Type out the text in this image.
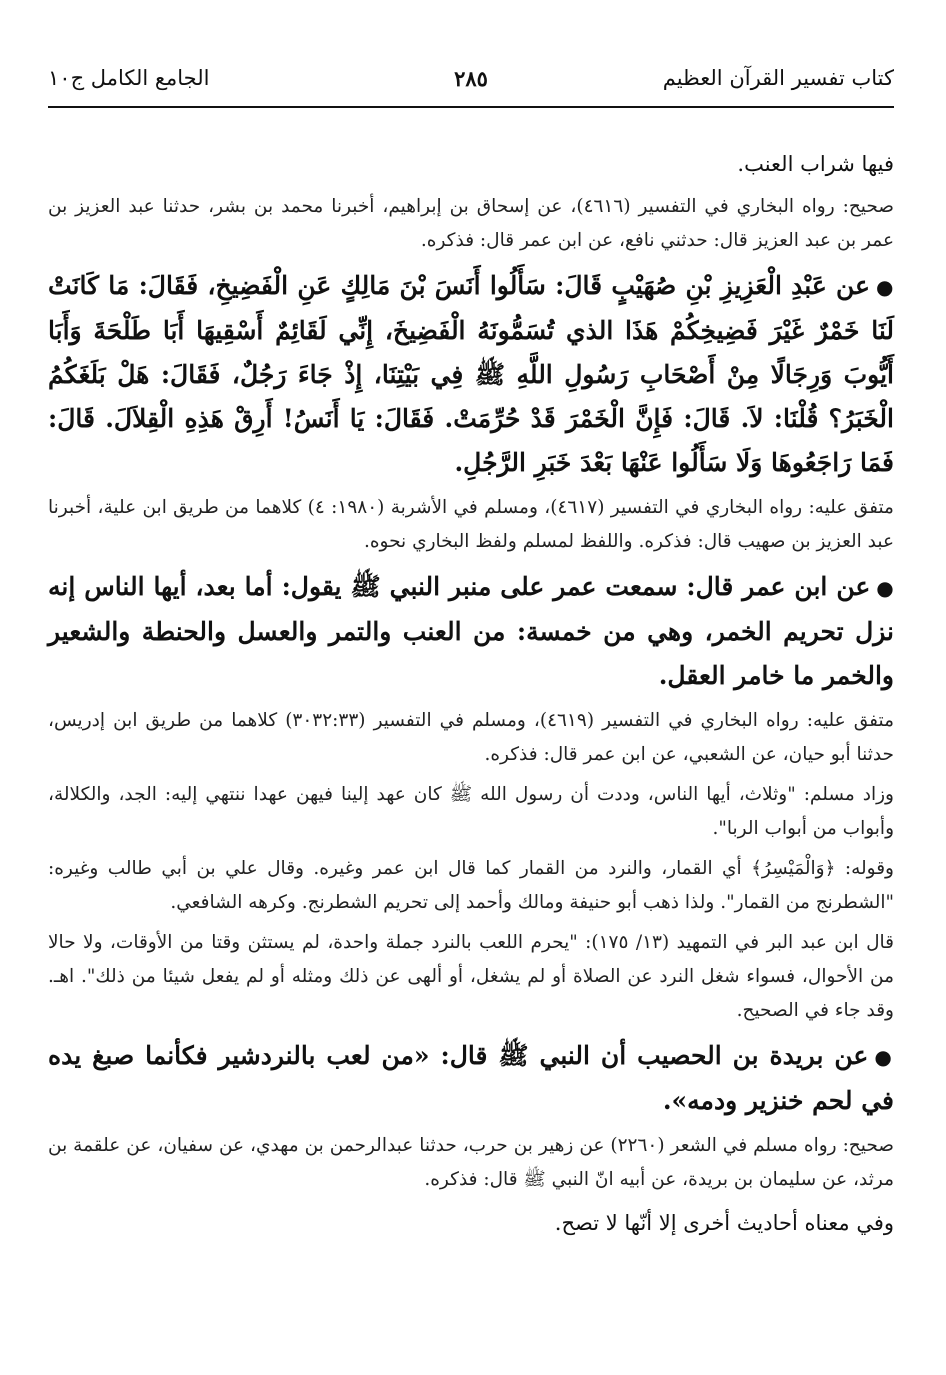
كتاب تفسير القرآن العظيم
٢٨٥
الجامع الكامل ج١٠

فيها شراب العنب.

صحيح: رواه البخاري في التفسير (٤٦١٦)، عن إسحاق بن إبراهيم، أخبرنا محمد بن بشر، حدثنا عبد العزيز بن عمر بن عبد العزيز قال: حدثني نافع، عن ابن عمر قال: فذكره.

●عن عَبْدِ الْعَزِيزِ بْنِ صُهَيْبٍ قَالَ: سَأَلُوا أَنَسَ بْنَ مَالِكٍ عَنِ الْفَضِيخِ، فَقَالَ: مَا كَانَتْ لَنَا خَمْرٌ غَيْرَ فَضِيخِكُمْ هَذَا الذي تُسَمُّونَهُ الْفَضِيخَ، إِنِّي لَقَائِمٌ أَسْقِيهَا أَبَا طَلْحَةَ وَأَبَا أَيُّوبَ وَرِجَالًا مِنْ أَصْحَابِ رَسُولِ اللَّهِ ﷺ فِي بَيْتِنَا، إِذْ جَاءَ رَجُلٌ، فَقَالَ: هَلْ بَلَغَكُمُ الْخَبَرُ؟ قُلْنَا: لاَ. قَالَ: فَإِنَّ الْخَمْرَ قَدْ حُرِّمَتْ. فَقَالَ: يَا أَنَسُ! أَرِقْ هَذِهِ الْقِلاَلَ. قَالَ: فَمَا رَاجَعُوهَا وَلَا سَأَلُوا عَنْهَا بَعْدَ خَبَرِ الرَّجُلِ.

متفق عليه: رواه البخاري في التفسير (٤٦١٧)، ومسلم في الأشربة (١٩٨٠: ٤) كلاهما من طريق ابن علية، أخبرنا عبد العزيز بن صهيب قال: فذكره. واللفظ لمسلم ولفظ البخاري نحوه.

●عن ابن عمر قال: سمعت عمر على منبر النبي ﷺ يقول: أما بعد، أيها الناس إنه نزل تحريم الخمر، وهي من خمسة: من العنب والتمر والعسل والحنطة والشعير والخمر ما خامر العقل.

متفق عليه: رواه البخاري في التفسير (٤٦١٩)، ومسلم في التفسير (٣٠٣٢:٣٣) كلاهما من طريق ابن إدريس، حدثنا أبو حيان، عن الشعبي، عن ابن عمر قال: فذكره.

وزاد مسلم: "وثلاث، أيها الناس، وددت أن رسول الله ﷺ كان عهد إلينا فيهن عهدا ننتهي إليه: الجد، والكلالة، وأبواب من أبواب الربا".

وقوله: ﴿وَالْمَيْسِرُ﴾ أي القمار، والنرد من القمار كما قال ابن عمر وغيره. وقال علي بن أبي طالب وغيره: "الشطرنج من القمار". ولذا ذهب أبو حنيفة ومالك وأحمد إلى تحريم الشطرنج. وكرهه الشافعي.

قال ابن عبد البر في التمهيد (١٣/ ١٧٥): "يحرم اللعب بالنرد جملة واحدة، لم يستثن وقتا من الأوقات، ولا حالا من الأحوال، فسواء شغل النرد عن الصلاة أو لم يشغل، أو ألهى عن ذلك ومثله أو لم يفعل شيئا من ذلك". اهـ. وقد جاء في الصحيح.

●عن بريدة بن الحصيب أن النبي ﷺ قال: «من لعب بالنردشير فكأنما صبغ يده في لحم خنزير ودمه».

صحيح: رواه مسلم في الشعر (٢٢٦٠) عن زهير بن حرب، حدثنا عبدالرحمن بن مهدي، عن سفيان، عن علقمة بن مرثد، عن سليمان بن بريدة، عن أبيه انّ النبي ﷺ قال: فذكره.

وفي معناه أحاديث أخرى إلا أنّها لا تصح.
